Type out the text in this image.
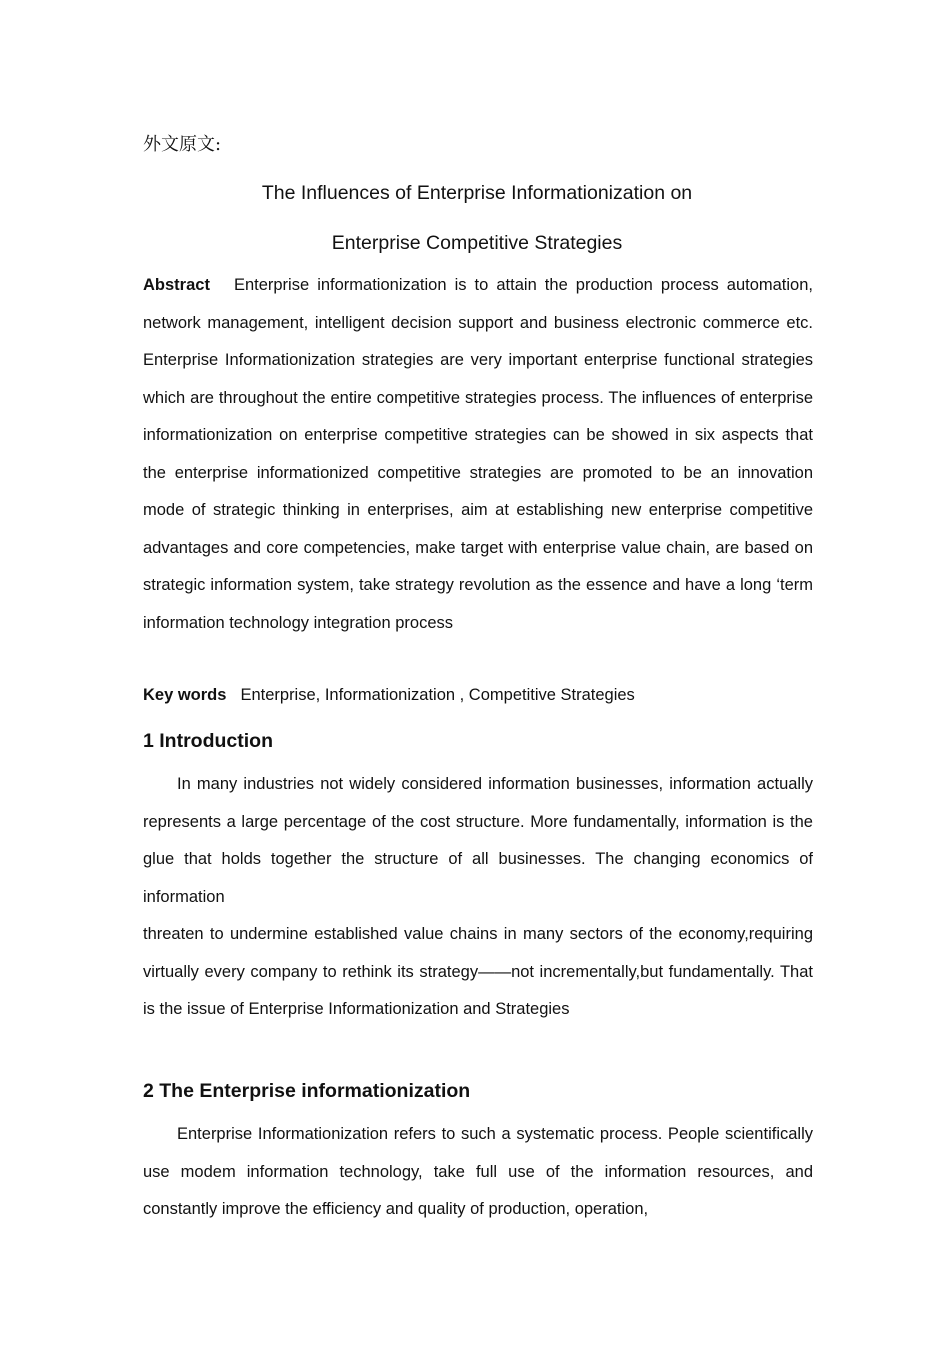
外文原文:
The Influences of Enterprise Informationization on
Enterprise Competitive Strategies
Abstract Enterprise informationization is to attain the production process automation, network management, intelligent decision support and business electronic commerce etc. Enterprise Informationization strategies are very important enterprise functional strategies which are throughout the entire competitive strategies process. The influences of enterprise informationization on enterprise competitive strategies can be showed in six aspects that the enterprise informationized competitive strategies are promoted to be an innovation mode of strategic thinking in enterprises, aim at establishing new enterprise competitive advantages and core competencies, make target with enterprise value chain, are based on strategic information system, take strategy revolution as the essence and have a long ‘term information technology integration process
Key words Enterprise, Informationization , Competitive Strategies
1 Introduction
In many industries not widely considered information businesses, information actually represents a large percentage of the cost structure. More fundamentally, information is the glue that holds together the structure of all businesses. The changing economics of information
threaten to undermine established value chains in many sectors of the economy,requiring virtually every company to rethink its strategy——not incrementally,but fundamentally. That is the issue of Enterprise Informationization and Strategies
2 The Enterprise informationization
Enterprise Informationization refers to such a systematic process. People scientifically use modem information technology, take full use of the information resources, and constantly improve the efficiency and quality of production, operation,
